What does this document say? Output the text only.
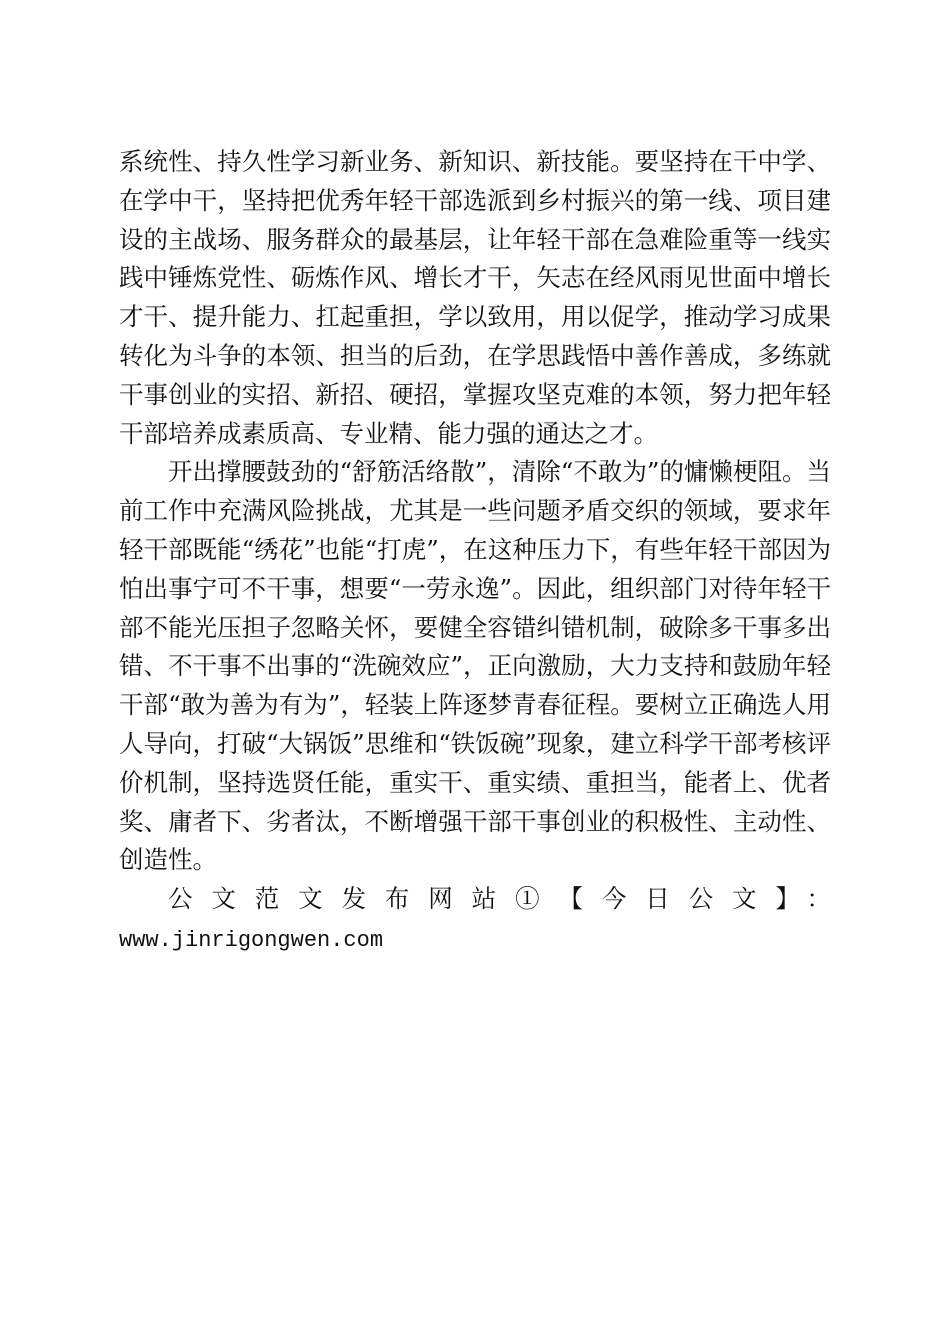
系统性、持久性学习新业务、新知识、新技能。要坚持在干中学、在学中干，坚持把优秀年轻干部选派到乡村振兴的第一线、项目建设的主战场、服务群众的最基层，让年轻干部在急难险重等一线实践中锤炼党性、砺炼作风、增长才干，矢志在经风雨见世面中增长才干、提升能力、扛起重担，学以致用，用以促学，推动学习成果转化为斗争的本领、担当的后劲，在学思践悟中善作善成，多练就干事创业的实招、新招、硬招，掌握攻坚克难的本领，努力把年轻干部培养成素质高、专业精、能力强的通达之才。

开出撑腰鼓劲的“舒筋活络散”，清除“不敢为”的慵懒梗阻。当前工作中充满风险挑战，尤其是一些问题矛盾交织的领域，要求年轻干部既能“绣花”也能“打虎”，在这种压力下，有些年轻干部因为怕出事宁可不干事，想要“一劳永逸”。因此，组织部门对待年轻干部不能光压担子忽略关怀，要健全容错纠错机制，破除多干事多出错、不干事不出事的“洗碗效应”，正向激励，大力支持和鼓励年轻干部“敢为善为有为”，轻装上阵逐梦青春征程。要树立正确选人用人导向，打破“大锅饭”思维和“铁饭碗”现象，建立科学干部考核评价机制，坚持选贤任能，重实干、重实绩、重担当，能者上、优者奖、庸者下、劣者汰，不断增强干部干事创业的积极性、主动性、创造性。

公文范文发布网站①【今日公文】：

www.jinrigongwen.com
